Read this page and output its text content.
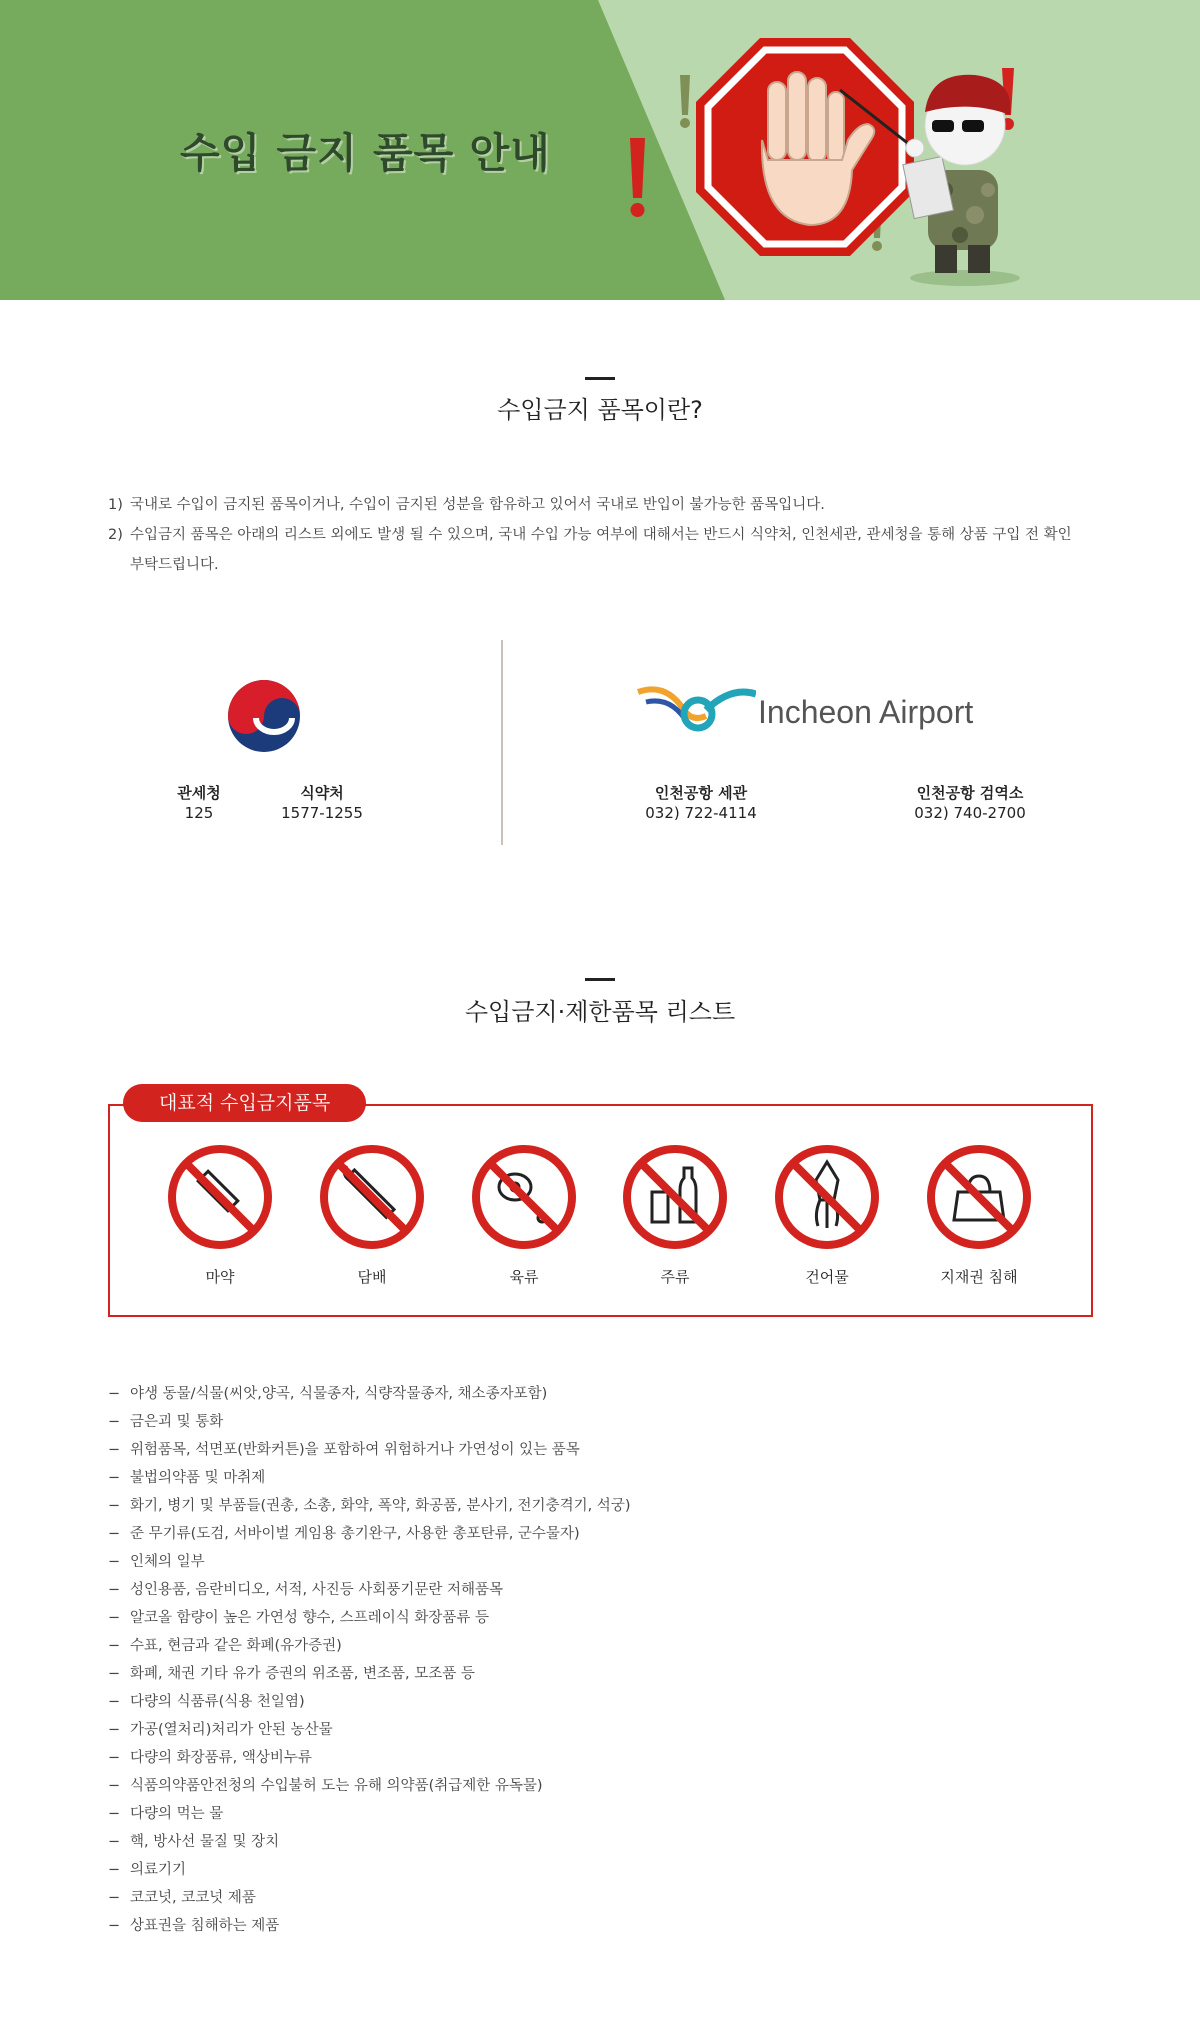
수입 금지 품목 안내
수입금지 품목이란?
1) 국내로 수입이 금지된 품목이거나, 수입이 금지된 성분을 함유하고 있어서 국내로 반입이 불가능한 품목입니다.
2) 수입금지 품목은 아래의 리스트 외에도 발생 될 수 있으며, 국내 수입 가능 여부에 대해서는 반드시 식약처, 인천세관, 관세청을 통해 상품 구입 전 확인 부탁드립니다.
Incheon Airport
관세청
125
식약처
1577-1255
인천공항 세관
032) 722-4114
인천공항 검역소
032) 740-2700
수입금지·제한품목 리스트
대표적 수입금지품목
마약	담배	육류	주류	건어물	지재권 침해
− 야생 동물/식물(씨앗,양곡, 식물종자, 식량작물종자, 채소종자포함)
− 금은괴 및 통화
− 위험품목, 석면포(반화커튼)을 포함하여 위험하거나 가연성이 있는 품목
− 불법의약품 및 마취제
− 화기, 병기 및 부품들(권총, 소총, 화약, 폭약, 화공품, 분사기, 전기충격기, 석궁)
− 준 무기류(도검, 서바이벌 게임용 총기완구, 사용한 총포탄류, 군수물자)
− 인체의 일부
− 성인용품, 음란비디오, 서적, 사진등 사회풍기문란 저해품목
− 알코올 함량이 높은 가연성 향수, 스프레이식 화장품류 등
− 수표, 현금과 같은 화폐(유가증권)
− 화폐, 채권 기타 유가 증권의 위조품, 변조품, 모조품 등
− 다량의 식품류(식용 천일염)
− 가공(열처리)처리가 안된 농산물
− 다량의 화장품류, 액상비누류
− 식품의약품안전청의 수입불허 도는 유해 의약품(취급제한 유독물)
− 다량의 먹는 물
− 핵, 방사선 물질 및 장치
− 의료기기
− 코코넛, 코코넛 제품
− 상표권을 침해하는 제품
